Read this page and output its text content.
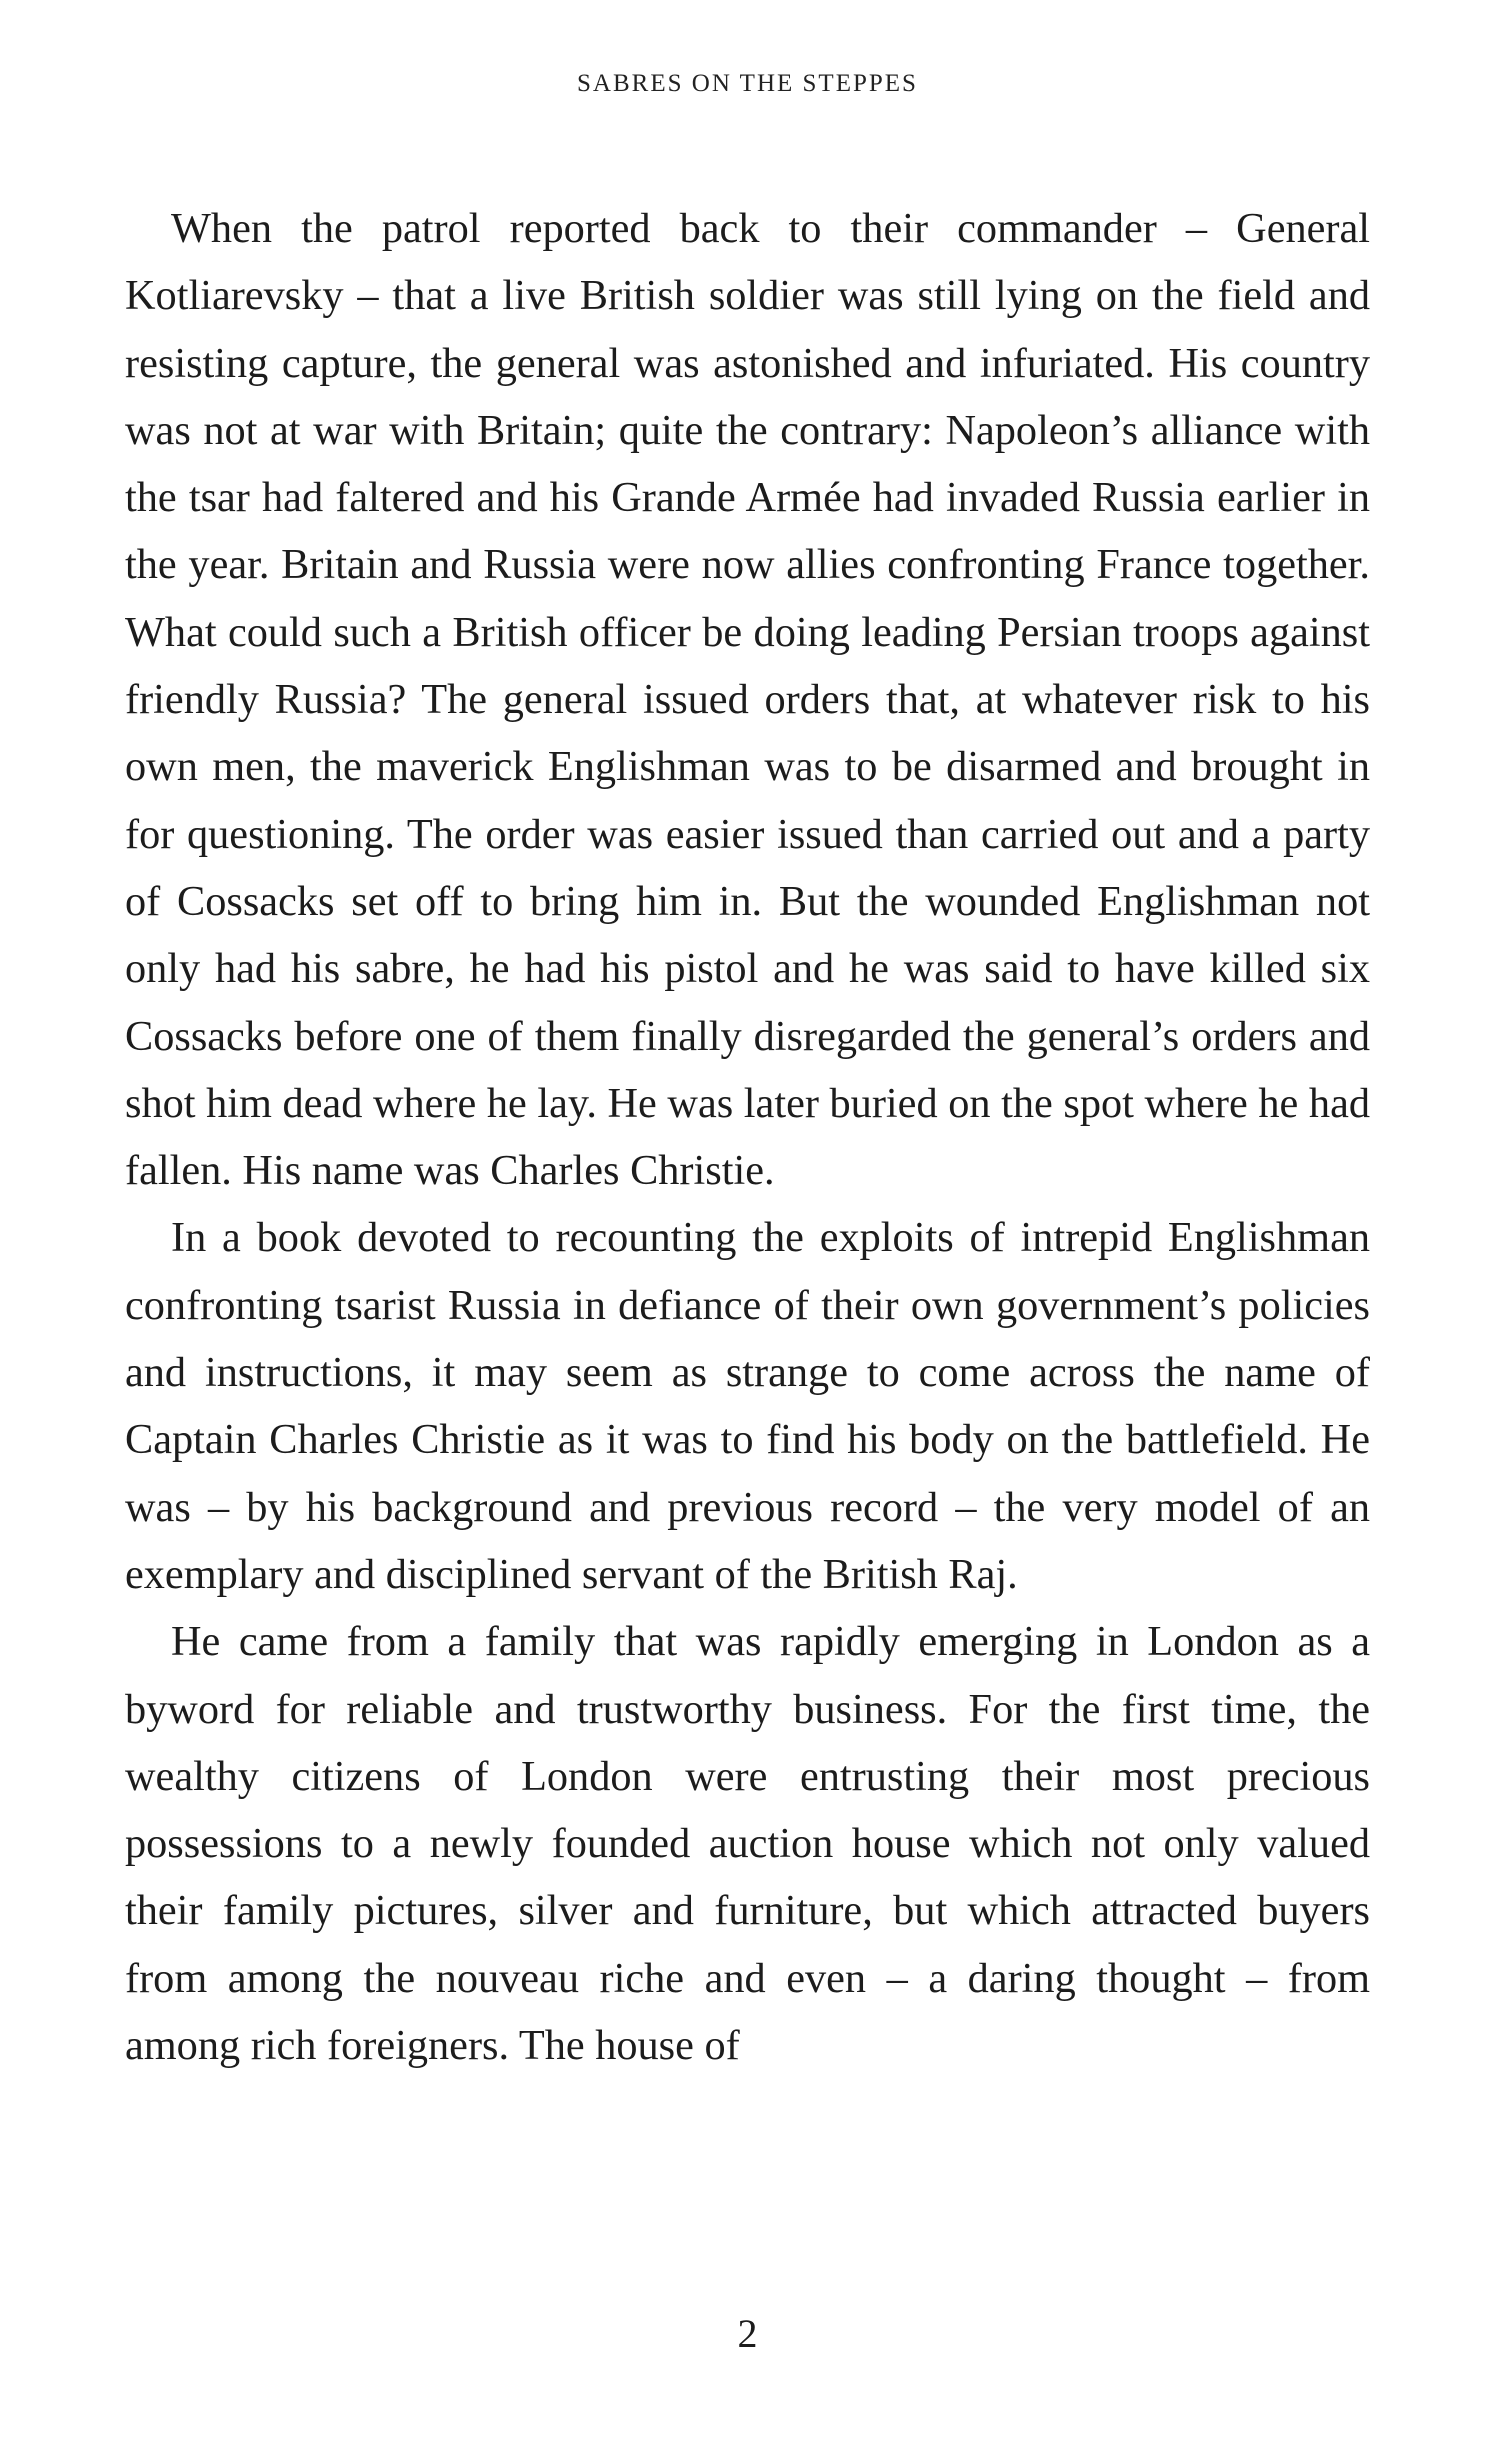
SABRES ON THE STEPPES

When the patrol reported back to their commander – General Kotliarevsky – that a live British soldier was still lying on the field and resisting capture, the general was astonished and infuriated. His country was not at war with Britain; quite the contrary: Napoleon’s alliance with the tsar had faltered and his Grande Armée had invaded Russia earlier in the year. Britain and Russia were now allies confronting France together. What could such a British officer be doing leading Persian troops against friendly Russia? The general issued orders that, at whatever risk to his own men, the maverick Englishman was to be disarmed and brought in for questioning. The order was easier issued than carried out and a party of Cossacks set off to bring him in. But the wounded Englishman not only had his sabre, he had his pistol and he was said to have killed six Cossacks before one of them finally disregarded the general’s orders and shot him dead where he lay. He was later buried on the spot where he had fallen. His name was Charles Christie.

In a book devoted to recounting the exploits of intrepid Englishman confronting tsarist Russia in defiance of their own government’s policies and instructions, it may seem as strange to come across the name of Captain Charles Christie as it was to find his body on the battlefield. He was – by his background and previous record – the very model of an exemplary and disciplined servant of the British Raj.

He came from a family that was rapidly emerging in London as a byword for reliable and trustworthy business. For the first time, the wealthy citizens of London were entrusting their most precious possessions to a newly founded auction house which not only valued their family pictures, silver and furniture, but which attracted buyers from among the nouveau riche and even – a daring thought – from among rich foreigners. The house of

2
